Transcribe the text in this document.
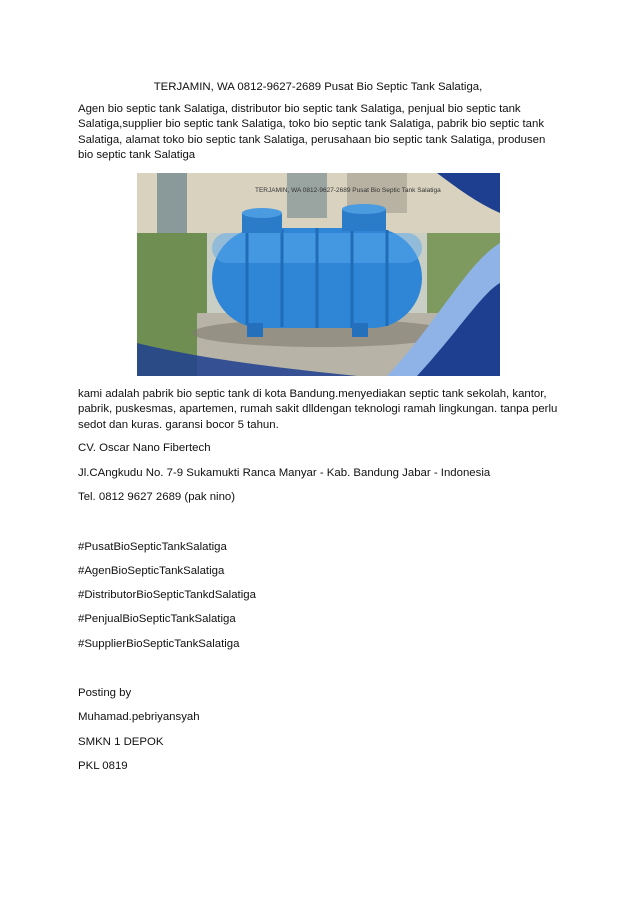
TERJAMIN, WA 0812-9627-2689 Pusat Bio Septic Tank Salatiga,
Agen bio septic tank Salatiga, distributor bio septic tank Salatiga, penjual bio septic tank Salatiga,supplier bio septic tank Salatiga, toko bio septic tank Salatiga, pabrik bio septic tank Salatiga, alamat toko bio septic tank Salatiga, perusahaan bio septic tank Salatiga, produsen bio septic tank Salatiga
TERJAMIN, WA 0812-9627-2689 Pusat Bio Septic Tank Salatiga
kami adalah pabrik bio septic tank di kota Bandung.menyediakan septic tank sekolah, kantor, pabrik, puskesmas, apartemen, rumah sakit dlldengan teknologi ramah lingkungan. tanpa perlu sedot dan kuras. garansi bocor 5 tahun.
CV. Oscar Nano Fibertech
Jl.CAngkudu No. 7-9 Sukamukti Ranca Manyar - Kab. Bandung Jabar - Indonesia
Tel. 0812 9627 2689 (pak nino)
#PusatBioSepticTankSalatiga
#AgenBioSepticTankSalatiga
#DistributorBioSepticTankdSalatiga
#PenjualBioSepticTankSalatiga
#SupplierBioSepticTankSalatiga
Posting by
Muhamad.pebriyansyah
SMKN 1 DEPOK
PKL 0819
